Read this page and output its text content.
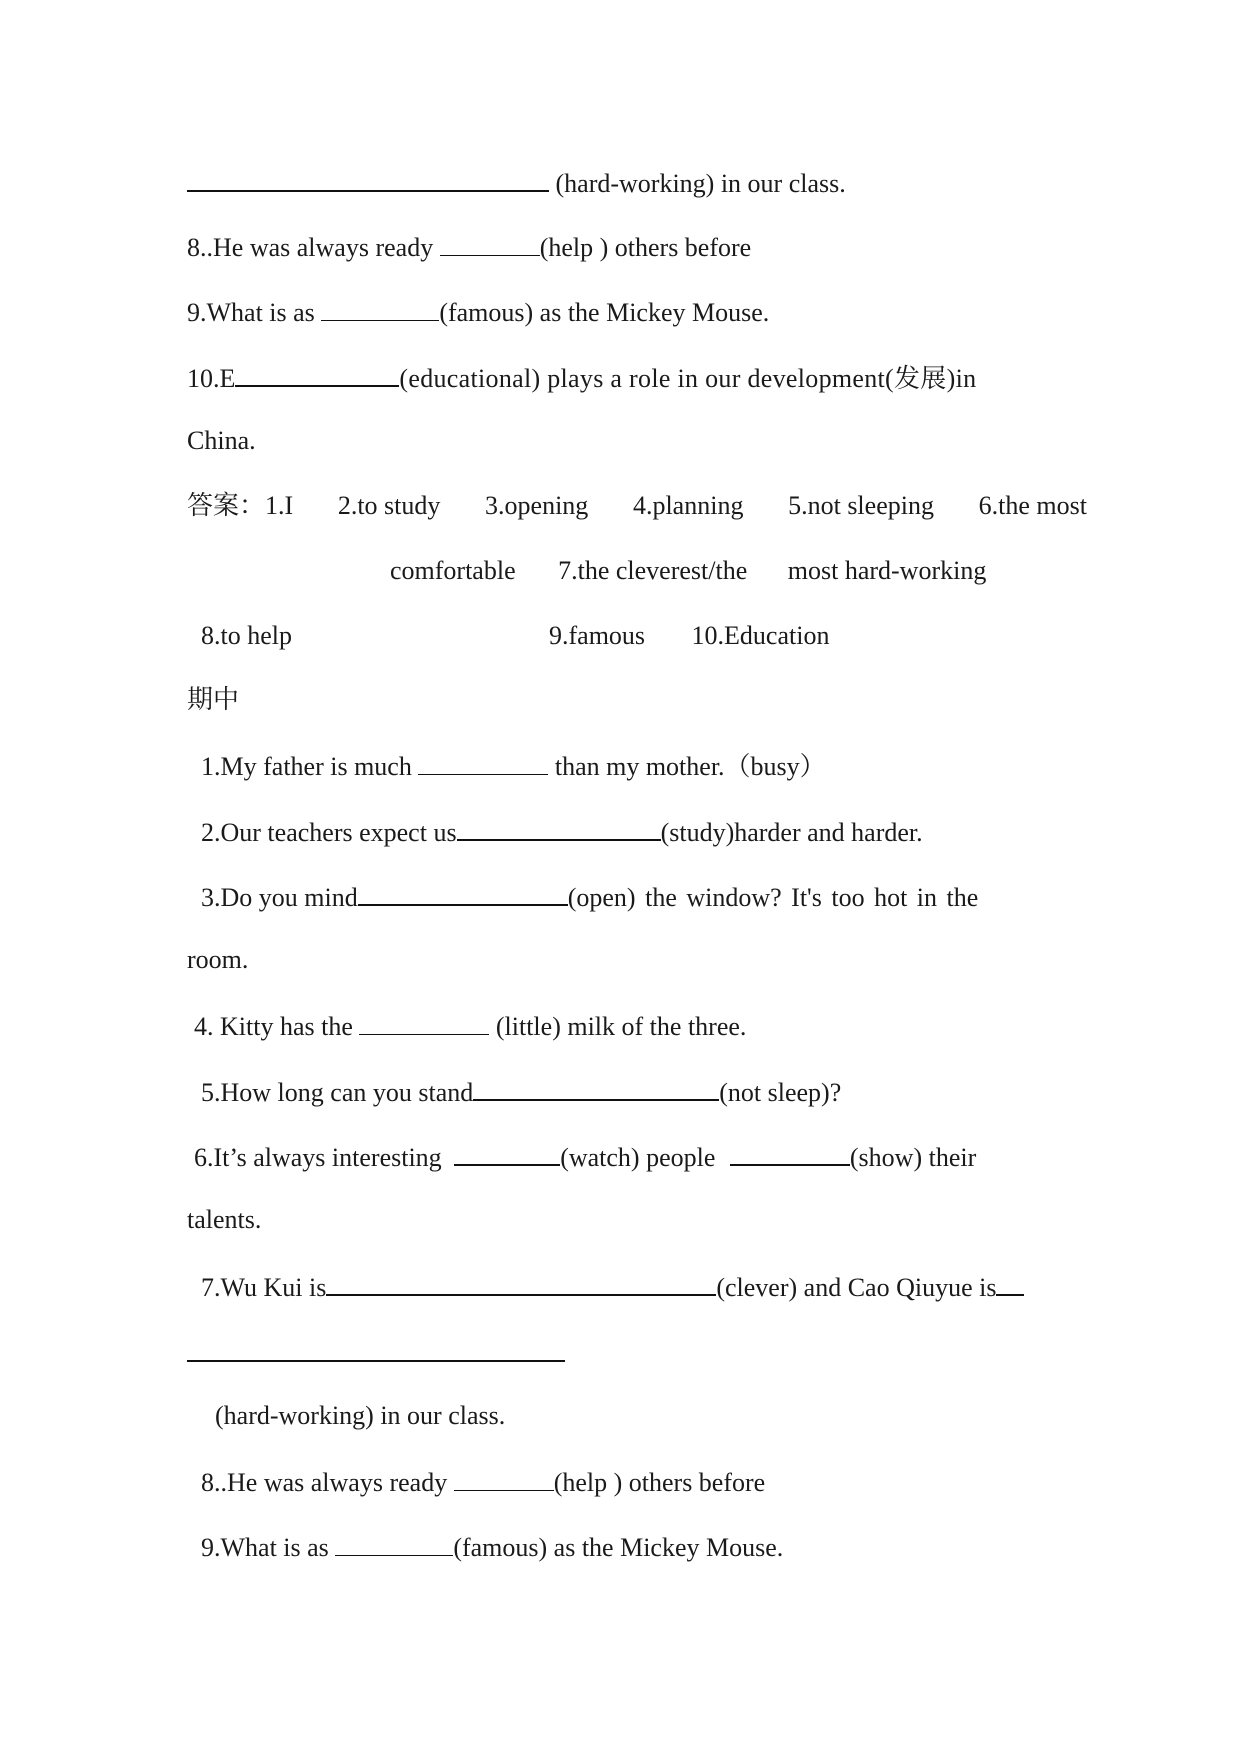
(hard-working) in our class.
8..He was always ready	(help ) others before
9.What is as	(famous) as the Mickey Mouse.
10.E	(educational) plays a role in our development(发展)in
China.
答案：1.I 2.to study 3.opening 4.planning 5.not sleeping 6.the most
comfortable 7.the cleverest/the most hard-working
8.to help	9.famous 10.Education
期中
1.My father is much	than my mother.（busy）
2.Our teachers expect us	(study)harder and harder.
3.Do you mind	(open) the window? It's too hot in the
room.
4. Kitty has the	(little) milk of the three.
5.How long can you stand	(not sleep)?
6.It’s always interesting	(watch) people	(show) their
talents.
7.Wu Kui is	(clever) and Cao Qiuyue is
(hard-working) in our class.
8..He was always ready	(help ) others before
9.What is as	(famous) as the Mickey Mouse.
